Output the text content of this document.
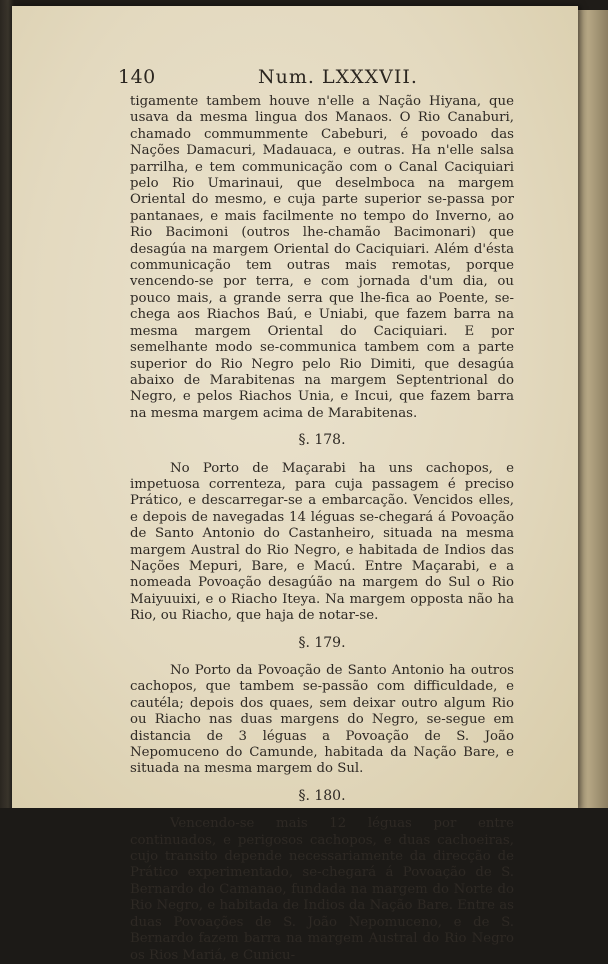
140	Num. LXXXVII.

tigamente tambem houve n'elle a Nação Hiyana, que usava da mesma lingua dos Manaos. O Rio Canaburi, chamado commummente Cabeburi, é povoado das Nações Damacuri, Madauaca, e outras. Ha n'elle salsa parrilha, e tem communicação com o Canal Caciquiari pelo Rio Umarinaui, que deselmboca na margem Oriental do mesmo, e cuja parte superior se-passa por pantanaes, e mais facilmente no tempo do Inverno, ao Rio Bacimoni (outros lhe-chamão Bacimonari) que desagúa na margem Oriental do Caciquiari. Além d'ésta communicação tem outras mais remotas, porque vencendo-se por terra, e com jornada d'um dia, ou pouco mais, a grande serra que lhe-fica ao Poente, se-chega aos Riachos Baú, e Uniabi, que fazem barra na mesma margem Oriental do Caciquiari. E por semelhante modo se-communica tambem com a parte superior do Rio Negro pelo Rio Dimiti, que desagúa abaixo de Marabitenas na margem Septentrional do Negro, e pelos Riachos Unia, e Incui, que fazem barra na mesma margem acima de Marabitenas.

§. 178.

No Porto de Maçarabi ha uns cachopos, e impetuosa correnteza, para cuja passagem é preciso Prático, e descarregar-se a embarcação. Vencidos elles, e depois de navegadas 14 léguas se-chegará á Povoação de Santo Antonio do Castanheiro, situada na mesma margem Austral do Rio Negro, e habitada de Indios das Nações Mepuri, Bare, e Macú. Entre Maçarabi, e a nomeada Povoação desagúão na margem do Sul o Rio Maiyuuixi, e o Riacho Iteya. Na margem opposta não ha Rio, ou Riacho, que haja de notar-se.

§. 179.

No Porto da Povoação de Santo Antonio ha outros cachopos, que tambem se-passão com difficuldade, e cautéla; depois dos quaes, sem deixar outro algum Rio ou Riacho nas duas margens do Negro, se-segue em distancia de 3 léguas a Povoação de S. João Nepomuceno do Camunde, habitada da Nação Bare, e situada na mesma margem do Sul.

§. 180.

Vencendo-se mais 12 léguas por entre continuados, e perigosos cachopos, e duas cachoeiras, cujo transito depende necessariamente da direcção de Prático experimentado, se-chegará á Povoação de S. Bernardo do Camanao, fundada na margem do Norte do Rio Negro, e habitada de Indios da Nação Bare. Entre as duas Povoações de S. João Nepomuceno, e de S. Bernardo fazem barra na margem Austral do Rio Negro os Rios Mariá, e Cunicu-
